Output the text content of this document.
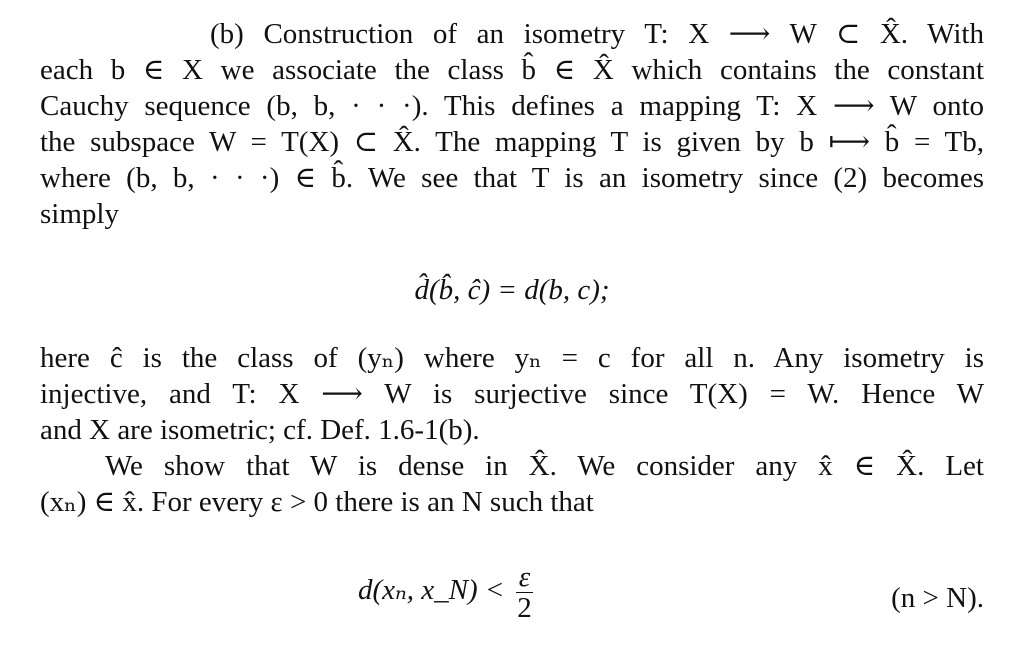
(b) Construction of an isometry T: X ⟶ W ⊂ X̂. With
each b ∈ X we associate the class b̂ ∈ X̂ which contains the constant
Cauchy sequence (b, b, · · ·). This defines a mapping T: X ⟶ W onto
the subspace W = T(X) ⊂ X̂. The mapping T is given by b ⟼ b̂ = Tb,
where (b, b, · · ·) ∈ b̂. We see that T is an isometry since (2) becomes
simply
d̂(b̂, ĉ) = d(b, c);
here ĉ is the class of (yₙ) where yₙ = c for all n. Any isometry is
injective, and T: X ⟶ W is surjective since T(X) = W. Hence W
and X are isometric; cf. Def. 1.6-1(b).
We show that W is dense in X̂. We consider any x̂ ∈ X̂. Let
(xₙ) ∈ x̂. For every ε > 0 there is an N such that
d(xₙ, x_N) < $\frac{\varepsilon}{2}$	(n > N).
